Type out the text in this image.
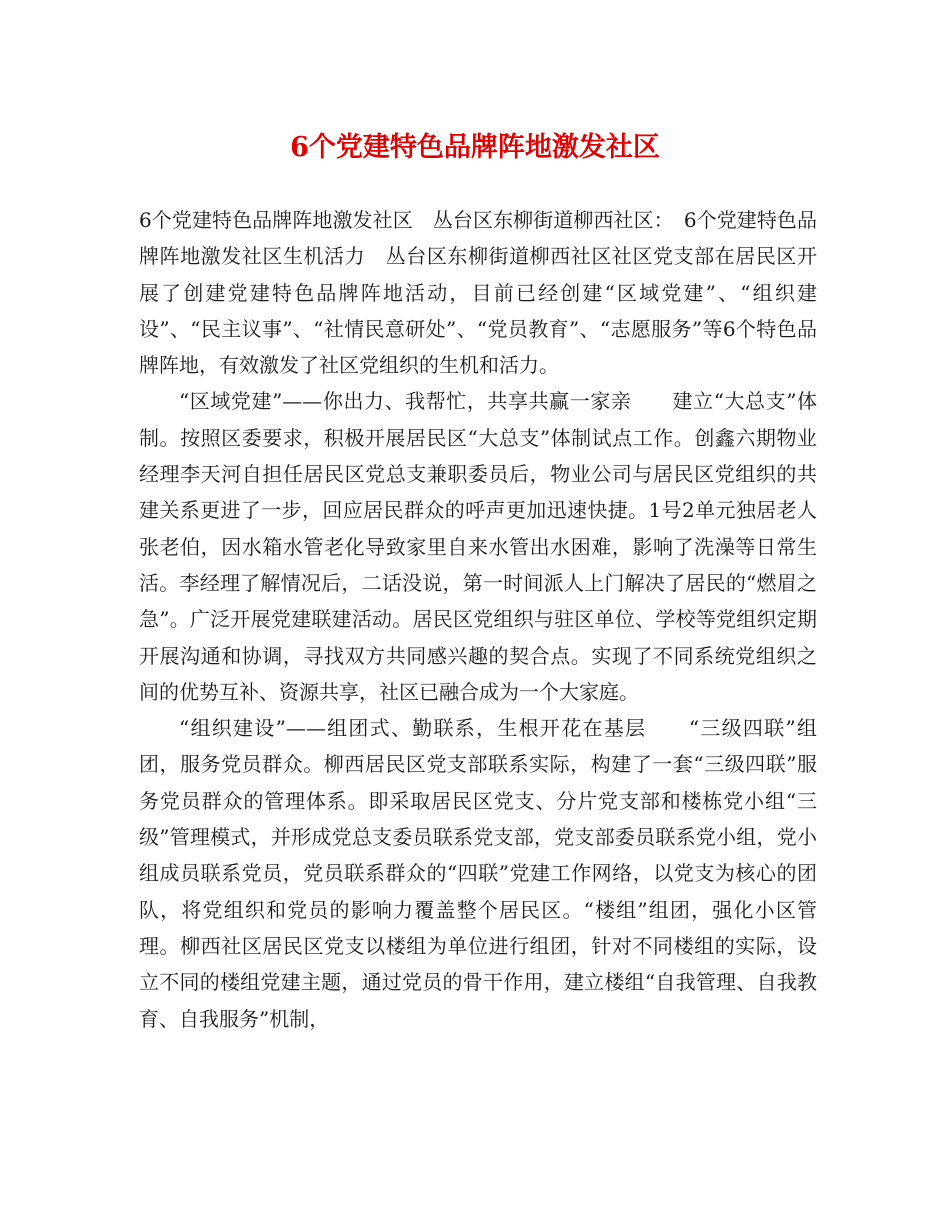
6个党建特色品牌阵地激发社区

6个党建特色品牌阵地激发社区　丛台区东柳街道柳西社区：　6个党建特色品牌阵地激发社区生机活力　丛台区东柳街道柳西社区社区党支部在居民区开展了创建党建特色品牌阵地活动，目前已经创建“区域党建”、“组织建设”、“民主议事”、“社情民意研处”、“党员教育”、“志愿服务”等6个特色品牌阵地，有效激发了社区党组织的生机和活力。

“区域党建”——你出力、我帮忙，共享共赢一家亲　　建立“大总支”体制。按照区委要求，积极开展居民区“大总支”体制试点工作。创鑫六期物业经理李天河自担任居民区党总支兼职委员后，物业公司与居民区党组织的共建关系更进了一步，回应居民群众的呼声更加迅速快捷。1号2单元独居老人张老伯，因水箱水管老化导致家里自来水管出水困难，影响了洗澡等日常生活。李经理了解情况后，二话没说，第一时间派人上门解决了居民的“燃眉之急”。广泛开展党建联建活动。居民区党组织与驻区单位、学校等党组织定期开展沟通和协调，寻找双方共同感兴趣的契合点。实现了不同系统党组织之间的优势互补、资源共享，社区已融合成为一个大家庭。

“组织建设”——组团式、勤联系，生根开花在基层　　“三级四联”组团，服务党员群众。柳西居民区党支部联系实际，构建了一套“三级四联”服务党员群众的管理体系。即采取居民区党支、分片党支部和楼栋党小组“三级”管理模式，并形成党总支委员联系党支部，党支部委员联系党小组，党小组成员联系党员，党员联系群众的“四联”党建工作网络，以党支为核心的团队，将党组织和党员的影响力覆盖整个居民区。“楼组”组团，强化小区管理。柳西社区居民区党支以楼组为单位进行组团，针对不同楼组的实际，设立不同的楼组党建主题，通过党员的骨干作用，建立楼组“自我管理、自我教育、自我服务”机制，
